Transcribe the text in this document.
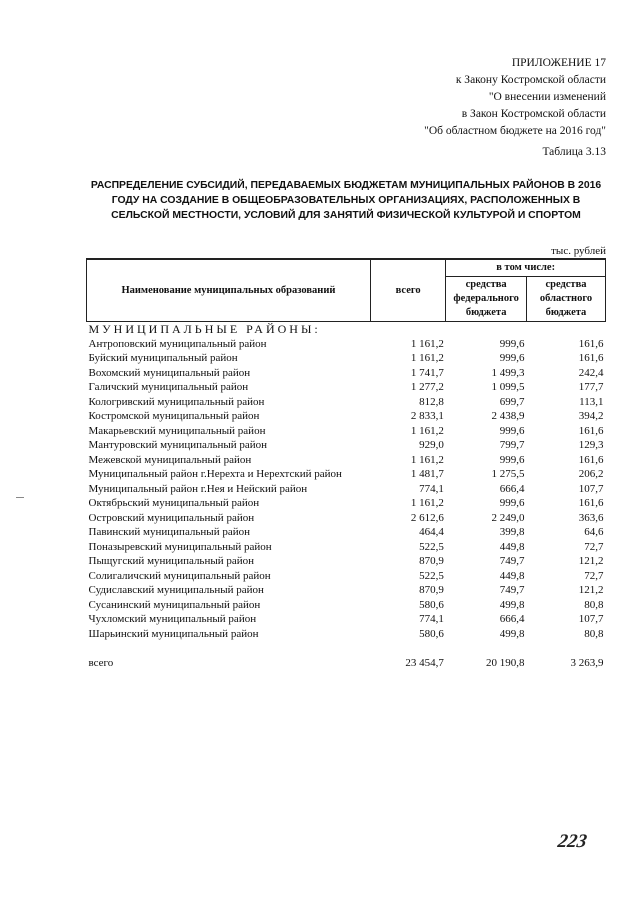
ПРИЛОЖЕНИЕ 17
к Закону Костромской области
"О внесении изменений
в Закон Костромской области
"Об областном бюджете на 2016 год"
Таблица 3.13
РАСПРЕДЕЛЕНИЕ СУБСИДИЙ, ПЕРЕДАВАЕМЫХ БЮДЖЕТАМ МУНИЦИПАЛЬНЫХ РАЙОНОВ В 2016 ГОДУ НА СОЗДАНИЕ В ОБЩЕОБРАЗОВАТЕЛЬНЫХ ОРГАНИЗАЦИЯХ, РАСПОЛОЖЕННЫХ В СЕЛЬСКОЙ МЕСТНОСТИ, УСЛОВИЙ ДЛЯ ЗАНЯТИЙ ФИЗИЧЕСКОЙ КУЛЬТУРОЙ И СПОРТОМ
тыс. рублей
Наименование муниципальных образований	всего	в том числе:	
		средства федерального бюджета	средства областного бюджета
МУНИЦИПАЛЬНЫЕ РАЙОНЫ:			
Антроповский муниципальный район	1 161,2	999,6	161,6
Буйский муниципальный район	1 161,2	999,6	161,6
Вохомский муниципальный район	1 741,7	1 499,3	242,4
Галичский муниципальный район	1 277,2	1 099,5	177,7
Кологривский муниципальный район	812,8	699,7	113,1
Костромской муниципальный район	2 833,1	2 438,9	394,2
Макарьевский муниципальный район	1 161,2	999,6	161,6
Мантуровский муниципальный район	929,0	799,7	129,3
Межевской муниципальный район	1 161,2	999,6	161,6
Муниципальный район г.Нерехта и Нерехтский район	1 481,7	1 275,5	206,2
Муниципальный район г.Нея и Нейский район	774,1	666,4	107,7
Октябрьский муниципальный район	1 161,2	999,6	161,6
Островский муниципальный район	2 612,6	2 249,0	363,6
Павинский муниципальный район	464,4	399,8	64,6
Поназыревский муниципальный район	522,5	449,8	72,7
Пыщугский муниципальный район	870,9	749,7	121,2
Солигаличский муниципальный район	522,5	449,8	72,7
Судиславский муниципальный район	870,9	749,7	121,2
Сусанинский муниципальный район	580,6	499,8	80,8
Чухломский муниципальный район	774,1	666,4	107,7
Шарьинский муниципальный район	580,6	499,8	80,8

всего	23 454,7	20 190,8	3 263,9
223
